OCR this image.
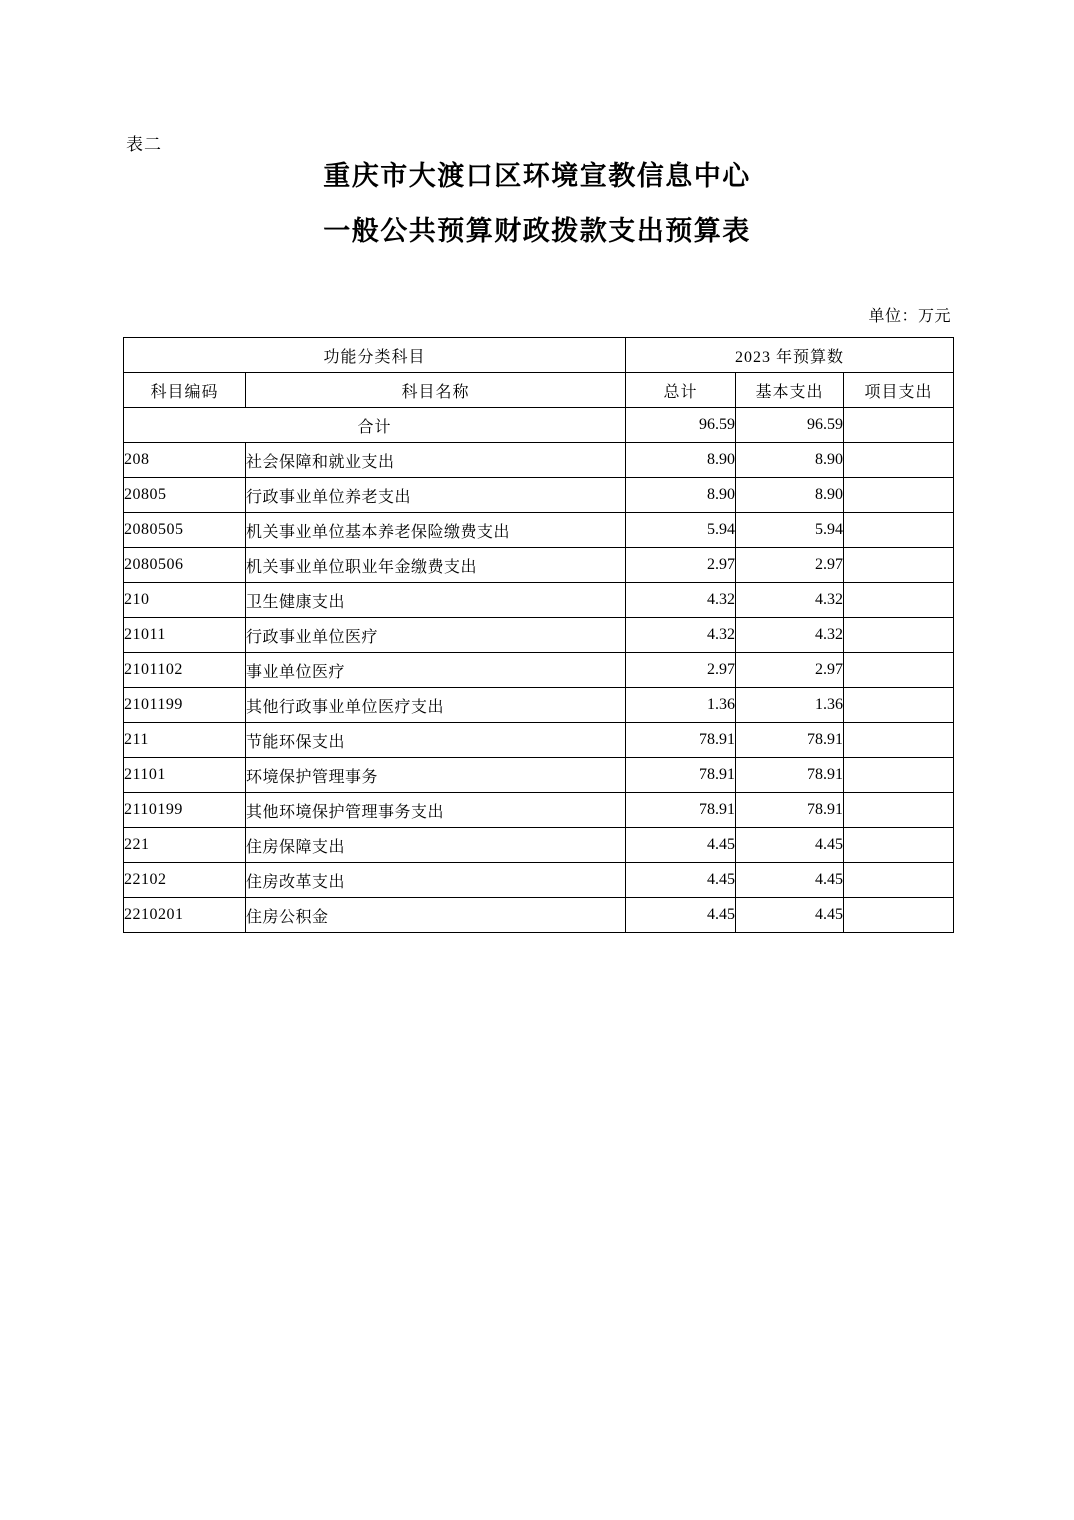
表二
重庆市大渡口区环境宣教信息中心
一般公共预算财政拨款支出预算表
单位：万元
功能分类科目		2023 年预算数		
科目编码	科目名称	总计	基本支出	项目支出
合计		96.59	96.59	
208	社会保障和就业支出	8.90	8.90	
20805	行政事业单位养老支出	8.90	8.90	
2080505	机关事业单位基本养老保险缴费支出	5.94	5.94	
2080506	机关事业单位职业年金缴费支出	2.97	2.97	
210	卫生健康支出	4.32	4.32	
21011	行政事业单位医疗	4.32	4.32	
2101102	事业单位医疗	2.97	2.97	
2101199	其他行政事业单位医疗支出	1.36	1.36	
211	节能环保支出	78.91	78.91	
21101	环境保护管理事务	78.91	78.91	
2110199	其他环境保护管理事务支出	78.91	78.91	
221	住房保障支出	4.45	4.45	
22102	住房改革支出	4.45	4.45	
2210201	住房公积金	4.45	4.45	
